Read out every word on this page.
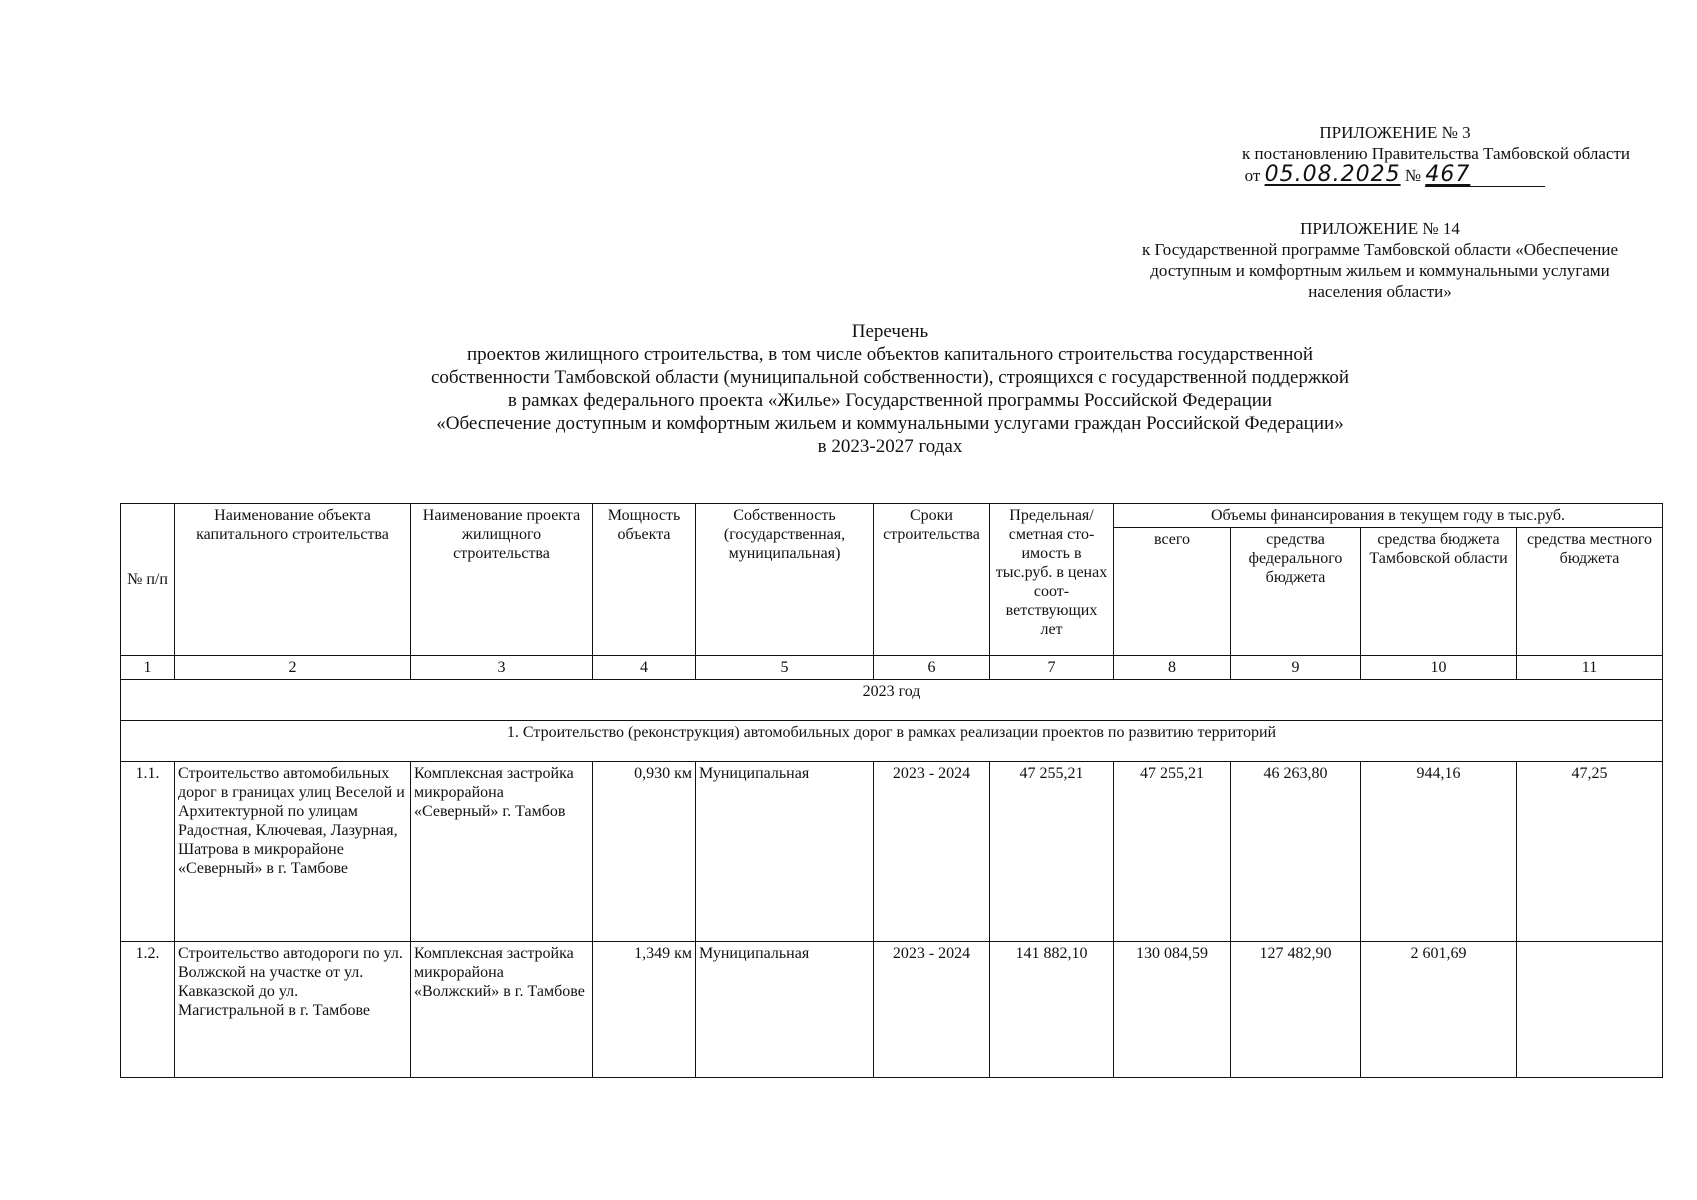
ПРИЛОЖЕНИЕ № 3
к постановлению Правительства Тамбовской области
от 05.08.2025 № 467
ПРИЛОЖЕНИЕ № 14
к Государственной программе Тамбовской области «Обеспечение
доступным и комфортным жильем и коммунальными услугами
населения области»
Перечень
проектов жилищного строительства, в том числе объектов капитального строительства государственной
собственности Тамбовской области (муниципальной собственности), строящихся с государственной поддержкой
в рамках федерального проекта «Жилье» Государственной программы Российской Федерации
«Обеспечение доступным и комфортным жильем и коммунальными услугами граждан Российской Федерации»
в 2023-2027 годах
№ п/п	Наименование объекта капитального строительства	Наименование проекта жилищного строительства	Мощность объекта	Собственность (государственная, муниципальная)	Сроки строительства	Предельная/ сметная сто- имость в тыс.руб. в ценах соот- ветствующих лет	Объемы финансирования в текущем году в тыс.руб.			
							всего	средства федерального бюджета	средства бюджета Тамбовской области	средства местного бюджета
1	2	3	4	5	6	7	8	9	10	11
2023 год										
1. Строительство (реконструкция) автомобильных дорог в рамках реализации проектов по развитию территорий										
1.1.	Строительство автомобильных дорог в границах улиц Веселой и Архитектурной по улицам Радостная, Ключевая, Лазурная, Шатрова в микрорайоне «Северный» в г. Тамбове	Комплексная застройка микрорайона «Северный» г. Тамбов	0,930 км	Муниципальная	2023 - 2024	47 255,21	47 255,21	46 263,80	944,16	47,25
1.2.	Строительство автодороги по ул. Волжской на участке от ул. Кавказской до ул. Магистральной в г. Тамбове	Комплексная застройка микрорайона «Волжский» в г. Тамбове	1,349 км	Муниципальная	2023 - 2024	141 882,10	130 084,59	127 482,90	2 601,69	
